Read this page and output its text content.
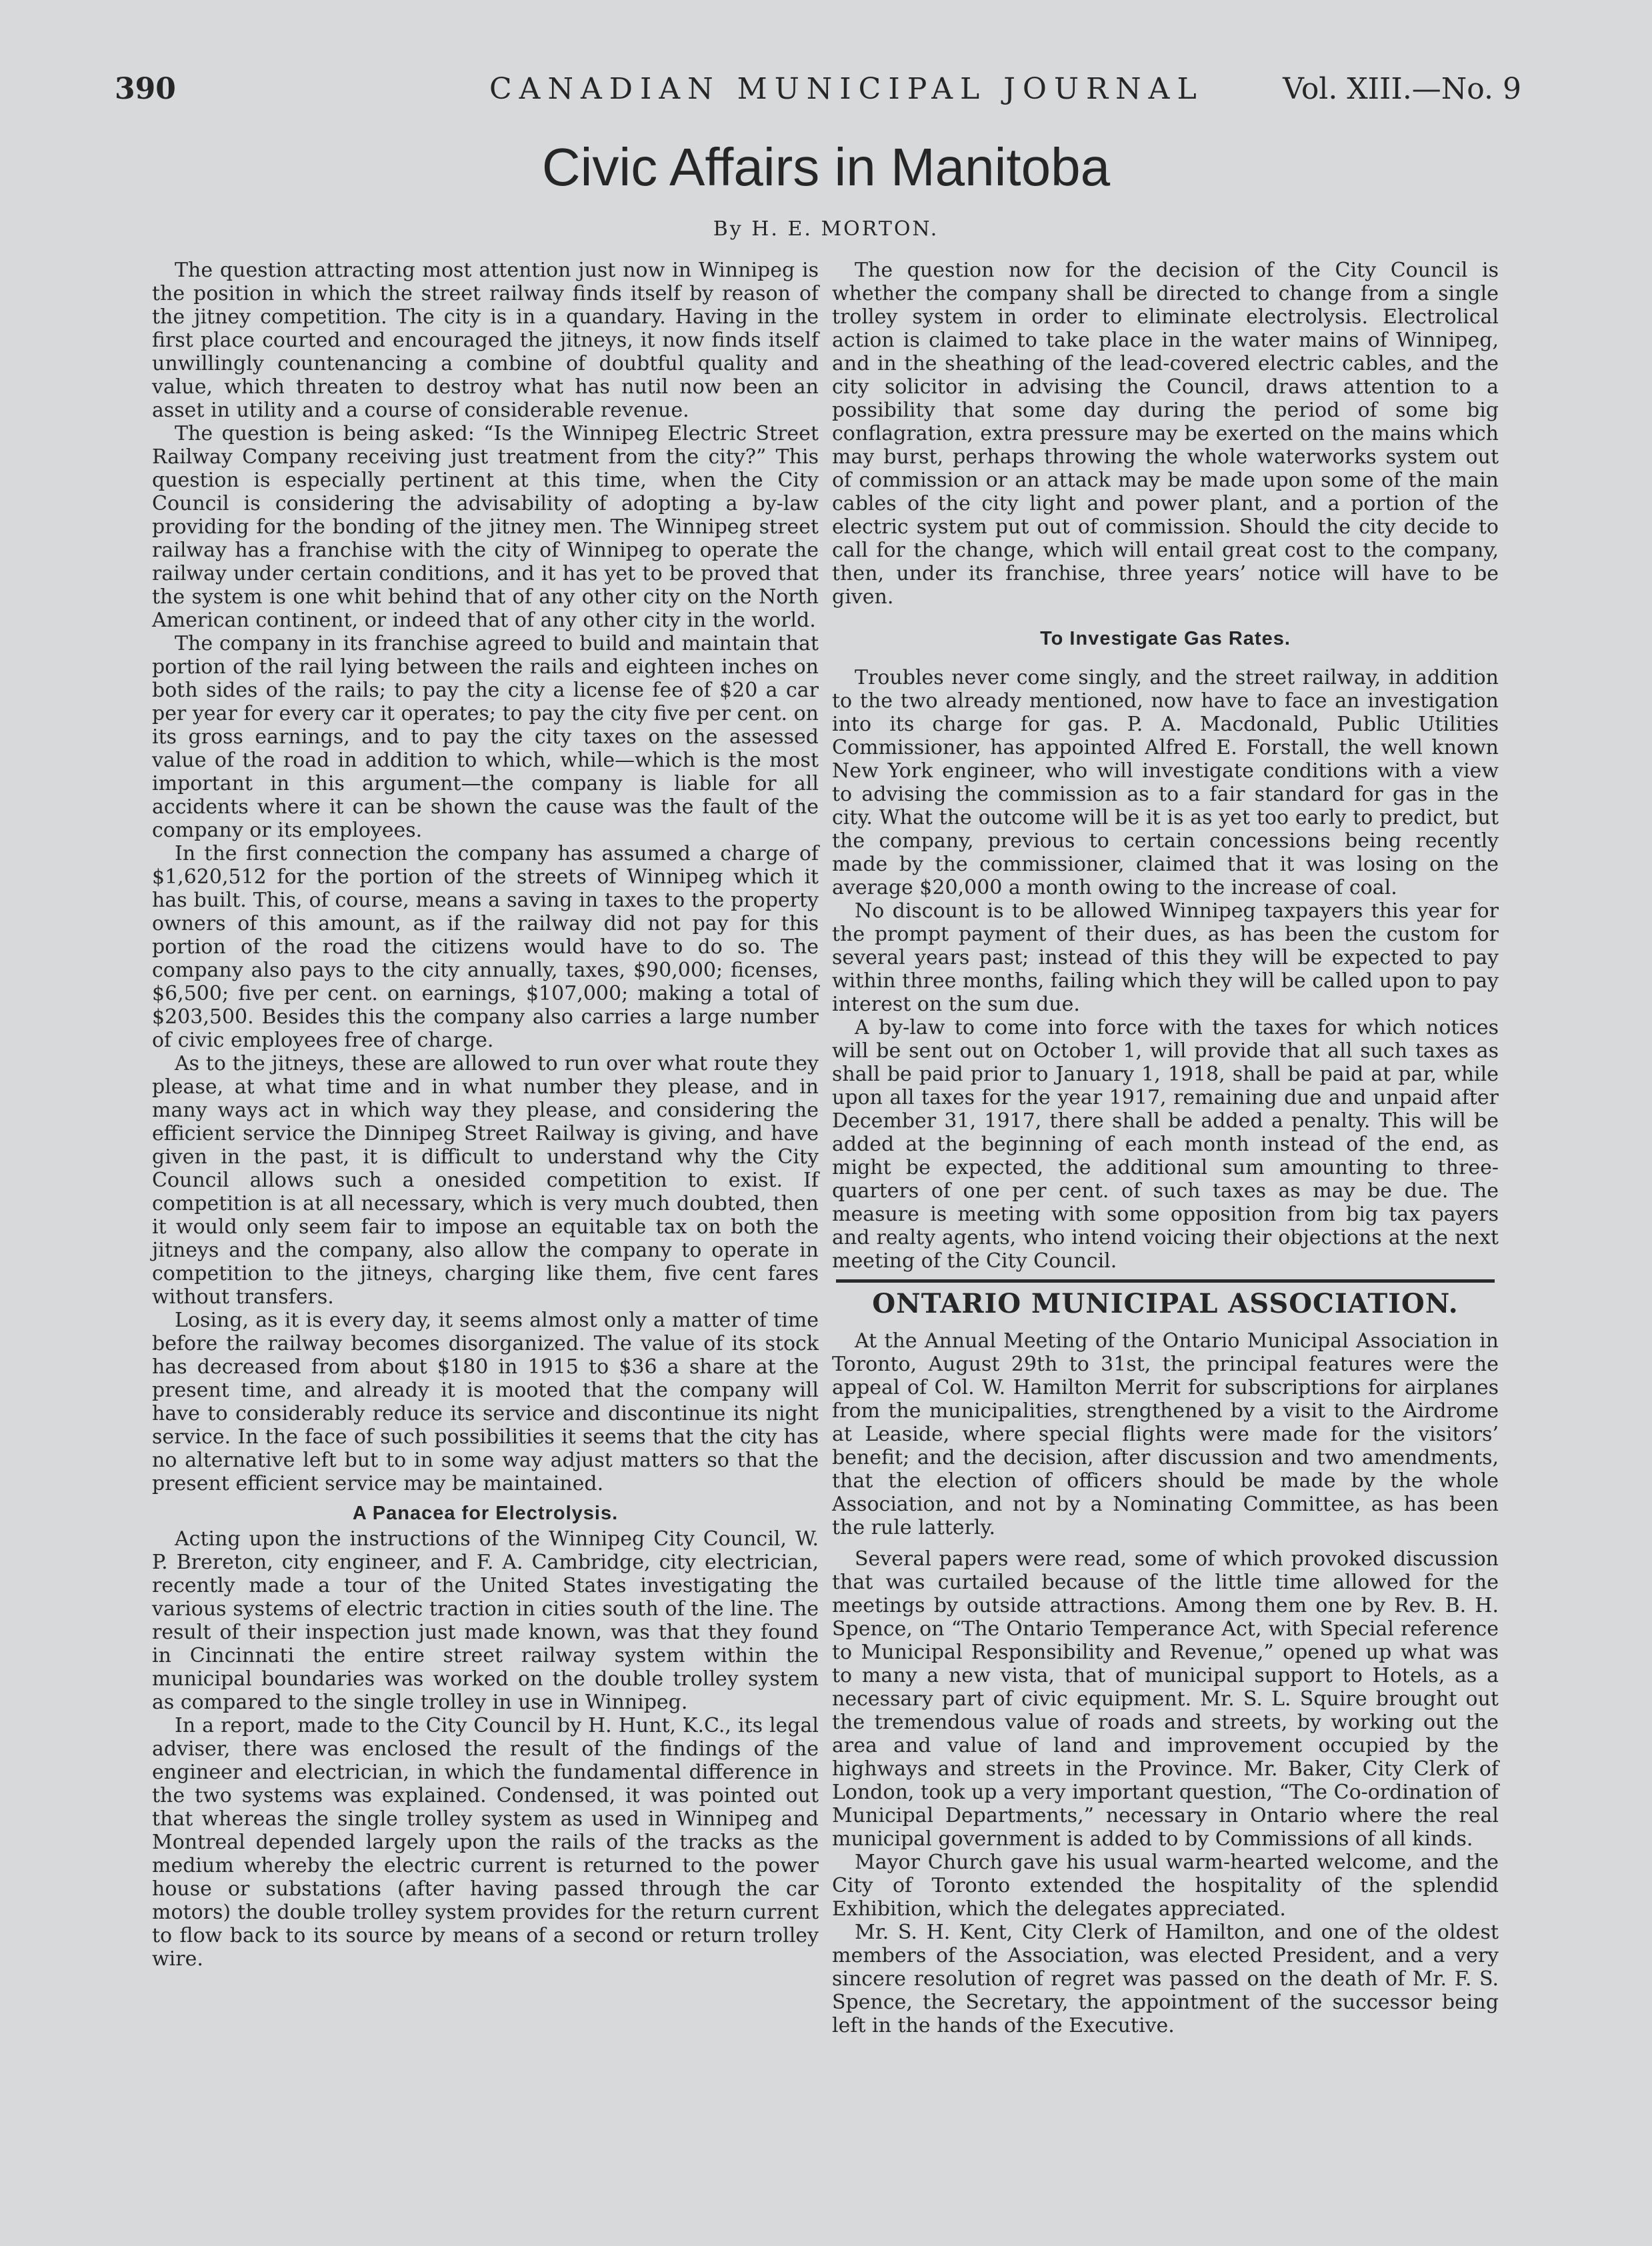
390	CANADIAN MUNICIPAL JOURNAL	Vol. XIII.—No. 9
Civic Affairs in Manitoba
By H. E. MORTON.

The question attracting most attention just now in Winnipeg is the position in which the street railway finds itself by reason of the jitney competition. The city is in a quandary. Having in the first place courted and encouraged the jitneys, it now finds itself unwillingly countenancing a combine of doubtful quality and value, which threaten to destroy what has nutil now been an asset in utility and a course of considerable revenue.

The question is being asked: “Is the Winnipeg Electric Street Railway Company receiving just treatment from the city?” This question is especially pertinent at this time, when the City Council is considering the advisability of adopting a by-law providing for the bonding of the jitney men. The Winnipeg street railway has a franchise with the city of Winnipeg to operate the railway under certain conditions, and it has yet to be proved that the system is one whit behind that of any other city on the North American continent, or indeed that of any other city in the world.

The company in its franchise agreed to build and maintain that portion of the rail lying between the rails and eighteen inches on both sides of the rails; to pay the city a license fee of $20 a car per year for every car it operates; to pay the city five per cent. on its gross earnings, and to pay the city taxes on the assessed value of the road in addition to which, while—which is the most important in this argument—the company is liable for all accidents where it can be shown the cause was the fault of the company or its employees.

In the first connection the company has assumed a charge of $1,620,512 for the portion of the streets of Winnipeg which it has built. This, of course, means a saving in taxes to the property owners of this amount, as if the railway did not pay for this portion of the road the citizens would have to do so. The company also pays to the city annually, taxes, $90,000; ficenses, $6,500; five per cent. on earnings, $107,000; making a total of $203,500. Besides this the company also carries a large number of civic employees free of charge.

As to the jitneys, these are allowed to run over what route they please, at what time and in what number they please, and in many ways act in which way they please, and considering the efficient service the Dinnipeg Street Railway is giving, and have given in the past, it is difficult to understand why the City Council allows such a onesided competition to exist. If competition is at all necessary, which is very much doubted, then it would only seem fair to impose an equitable tax on both the jitneys and the company, also allow the company to operate in competition to the jitneys, charging like them, five cent fares without transfers.

Losing, as it is every day, it seems almost only a matter of time before the railway becomes disorganized. The value of its stock has decreased from about $180 in 1915 to $36 a share at the present time, and already it is mooted that the company will have to considerably reduce its service and discontinue its night service. In the face of such possibilities it seems that the city has no alternative left but to in some way adjust matters so that the present efficient service may be maintained.

A Panacea for Electrolysis.

Acting upon the instructions of the Winnipeg City Council, W. P. Brereton, city engineer, and F. A. Cambridge, city electrician, recently made a tour of the United States investigating the various systems of electric traction in cities south of the line. The result of their inspection just made known, was that they found in Cincinnati the entire street railway system within the municipal boundaries was worked on the double trolley system as compared to the single trolley in use in Winnipeg.

In a report, made to the City Council by H. Hunt, K.C., its legal adviser, there was enclosed the result of the findings of the engineer and electrician, in which the fundamental difference in the two systems was explained. Condensed, it was pointed out that whereas the single trolley system as used in Winnipeg and Montreal depended largely upon the rails of the tracks as the medium whereby the electric current is returned to the power house or substations (after having passed through the car motors) the double trolley system provides for the return current to flow back to its source by means of a second or return trolley wire.

The question now for the decision of the City Council is whether the company shall be directed to change from a single trolley system in order to eliminate electrolysis. Electrolical action is claimed to take place in the water mains of Winnipeg, and in the sheathing of the lead-covered electric cables, and the city solicitor in advising the Council, draws attention to a possibility that some day during the period of some big conflagration, extra pressure may be exerted on the mains which may burst, perhaps throwing the whole waterworks system out of commission or an attack may be made upon some of the main cables of the city light and power plant, and a portion of the electric system put out of commission. Should the city decide to call for the change, which will entail great cost to the company, then, under its franchise, three years’ notice will have to be given.

To Investigate Gas Rates.

Troubles never come singly, and the street railway, in addition to the two already mentioned, now have to face an investigation into its charge for gas. P. A. Macdonald, Public Utilities Commissioner, has appointed Alfred E. Forstall, the well known New York engineer, who will investigate conditions with a view to advising the commission as to a fair standard for gas in the city. What the outcome will be it is as yet too early to predict, but the company, previous to certain concessions being recently made by the commissioner, claimed that it was losing on the average $20,000 a month owing to the increase of coal.

No discount is to be allowed Winnipeg taxpayers this year for the prompt payment of their dues, as has been the custom for several years past; instead of this they will be expected to pay within three months, failing which they will be called upon to pay interest on the sum due.

A by-law to come into force with the taxes for which notices will be sent out on October 1, will provide that all such taxes as shall be paid prior to January 1, 1918, shall be paid at par, while upon all taxes for the year 1917, remaining due and unpaid after December 31, 1917, there shall be added a penalty. This will be added at the beginning of each month instead of the end, as might be expected, the additional sum amounting to three-quarters of one per cent. of such taxes as may be due. The measure is meeting with some opposition from big tax payers and realty agents, who intend voicing their objections at the next meeting of the City Council.

ONTARIO MUNICIPAL ASSOCIATION.

At the Annual Meeting of the Ontario Municipal Association in Toronto, August 29th to 31st, the principal features were the appeal of Col. W. Hamilton Merrit for subscriptions for airplanes from the municipalities, strengthened by a visit to the Airdrome at Leaside, where special flights were made for the visitors’ benefit; and the decision, after discussion and two amendments, that the election of officers should be made by the whole Association, and not by a Nominating Committee, as has been the rule latterly.

Several papers were read, some of which provoked discussion that was curtailed because of the little time allowed for the meetings by outside attractions. Among them one by Rev. B. H. Spence, on “The Ontario Temperance Act, with Special reference to Municipal Responsibility and Revenue,” opened up what was to many a new vista, that of municipal support to Hotels, as a necessary part of civic equipment. Mr. S. L. Squire brought out the tremendous value of roads and streets, by working out the area and value of land and improvement occupied by the highways and streets in the Province. Mr. Baker, City Clerk of London, took up a very important question, “The Co-ordination of Municipal Departments,” necessary in Ontario where the real municipal government is added to by Commissions of all kinds.

Mayor Church gave his usual warm-hearted welcome, and the City of Toronto extended the hospitality of the splendid Exhibition, which the delegates appreciated.

Mr. S. H. Kent, City Clerk of Hamilton, and one of the oldest members of the Association, was elected President, and a very sincere resolution of regret was passed on the death of Mr. F. S. Spence, the Secretary, the appointment of the successor being left in the hands of the Executive.
